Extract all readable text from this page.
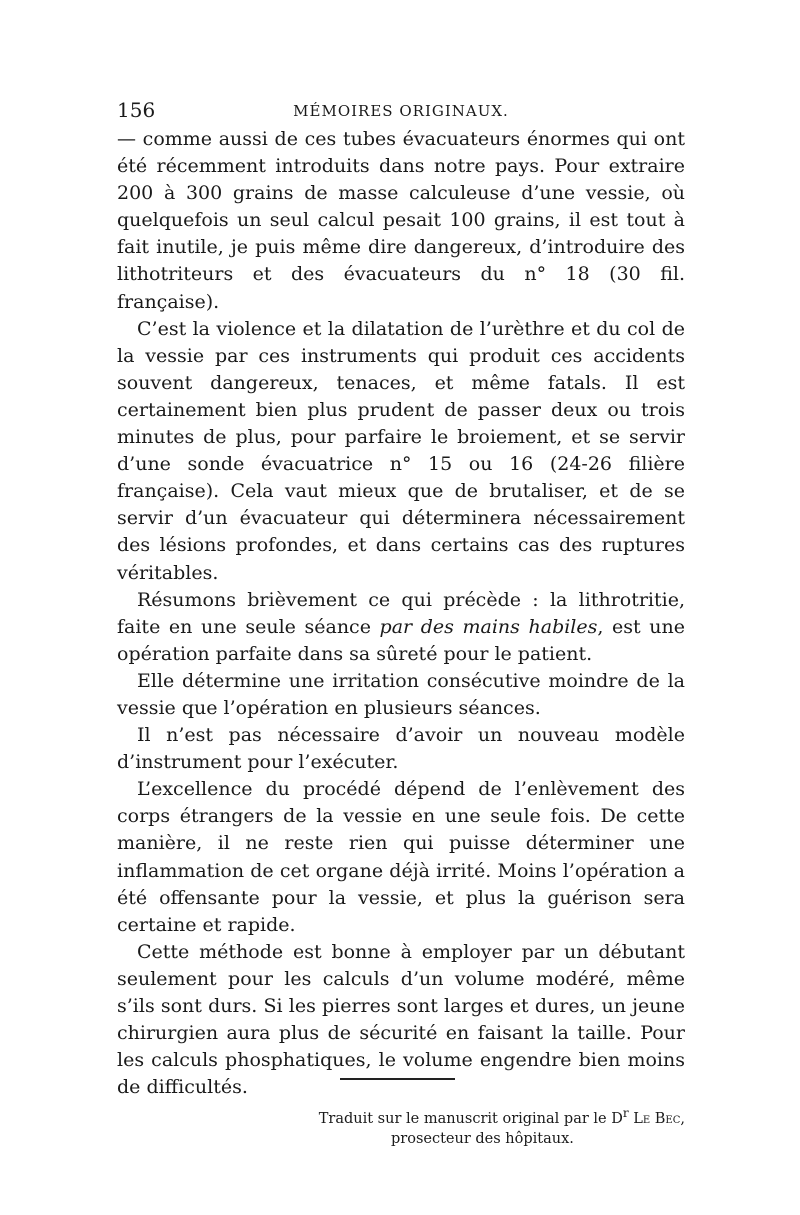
156	MÉMOIRES ORIGINAUX.

— comme aussi de ces tubes évacuateurs énormes qui ont été récemment introduits dans notre pays. Pour extraire 200 à 300 grains de masse calculeuse d’une vessie, où quelquefois un seul calcul pesait 100 grains, il est tout à fait inutile, je puis même dire dangereux, d’introduire des lithotriteurs et des évacuateurs du n° 18 (30 fil. française).

C’est la violence et la dilatation de l’urèthre et du col de la vessie par ces instruments qui produit ces accidents souvent dangereux, tenaces, et même fatals. Il est certainement bien plus prudent de passer deux ou trois minutes de plus, pour parfaire le broiement, et se servir d’une sonde évacuatrice n° 15 ou 16 (24-26 filière française). Cela vaut mieux que de brutaliser, et de se servir d’un évacuateur qui déterminera nécessairement des lésions profondes, et dans certains cas des ruptures véritables.

Résumons brièvement ce qui précède : la lithrotritie, faite en une seule séance par des mains habiles, est une opération parfaite dans sa sûreté pour le patient.

Elle détermine une irritation consécutive moindre de la vessie que l’opération en plusieurs séances.

Il n’est pas nécessaire d’avoir un nouveau modèle d’instrument pour l’exécuter.

L’excellence du procédé dépend de l’enlèvement des corps étrangers de la vessie en une seule fois. De cette manière, il ne reste rien qui puisse déterminer une inflammation de cet organe déjà irrité. Moins l’opération a été offensante pour la vessie, et plus la guérison sera certaine et rapide.

Cette méthode est bonne à employer par un débutant seulement pour les calculs d’un volume modéré, même s’ils sont durs. Si les pierres sont larges et dures, un jeune chirurgien aura plus de sécurité en faisant la taille. Pour les calculs phosphatiques, le volume engendre bien moins de difficultés.

Traduit sur le manuscrit original par le $D^r$ Le Bec,
prosecteur des hôpitaux.
